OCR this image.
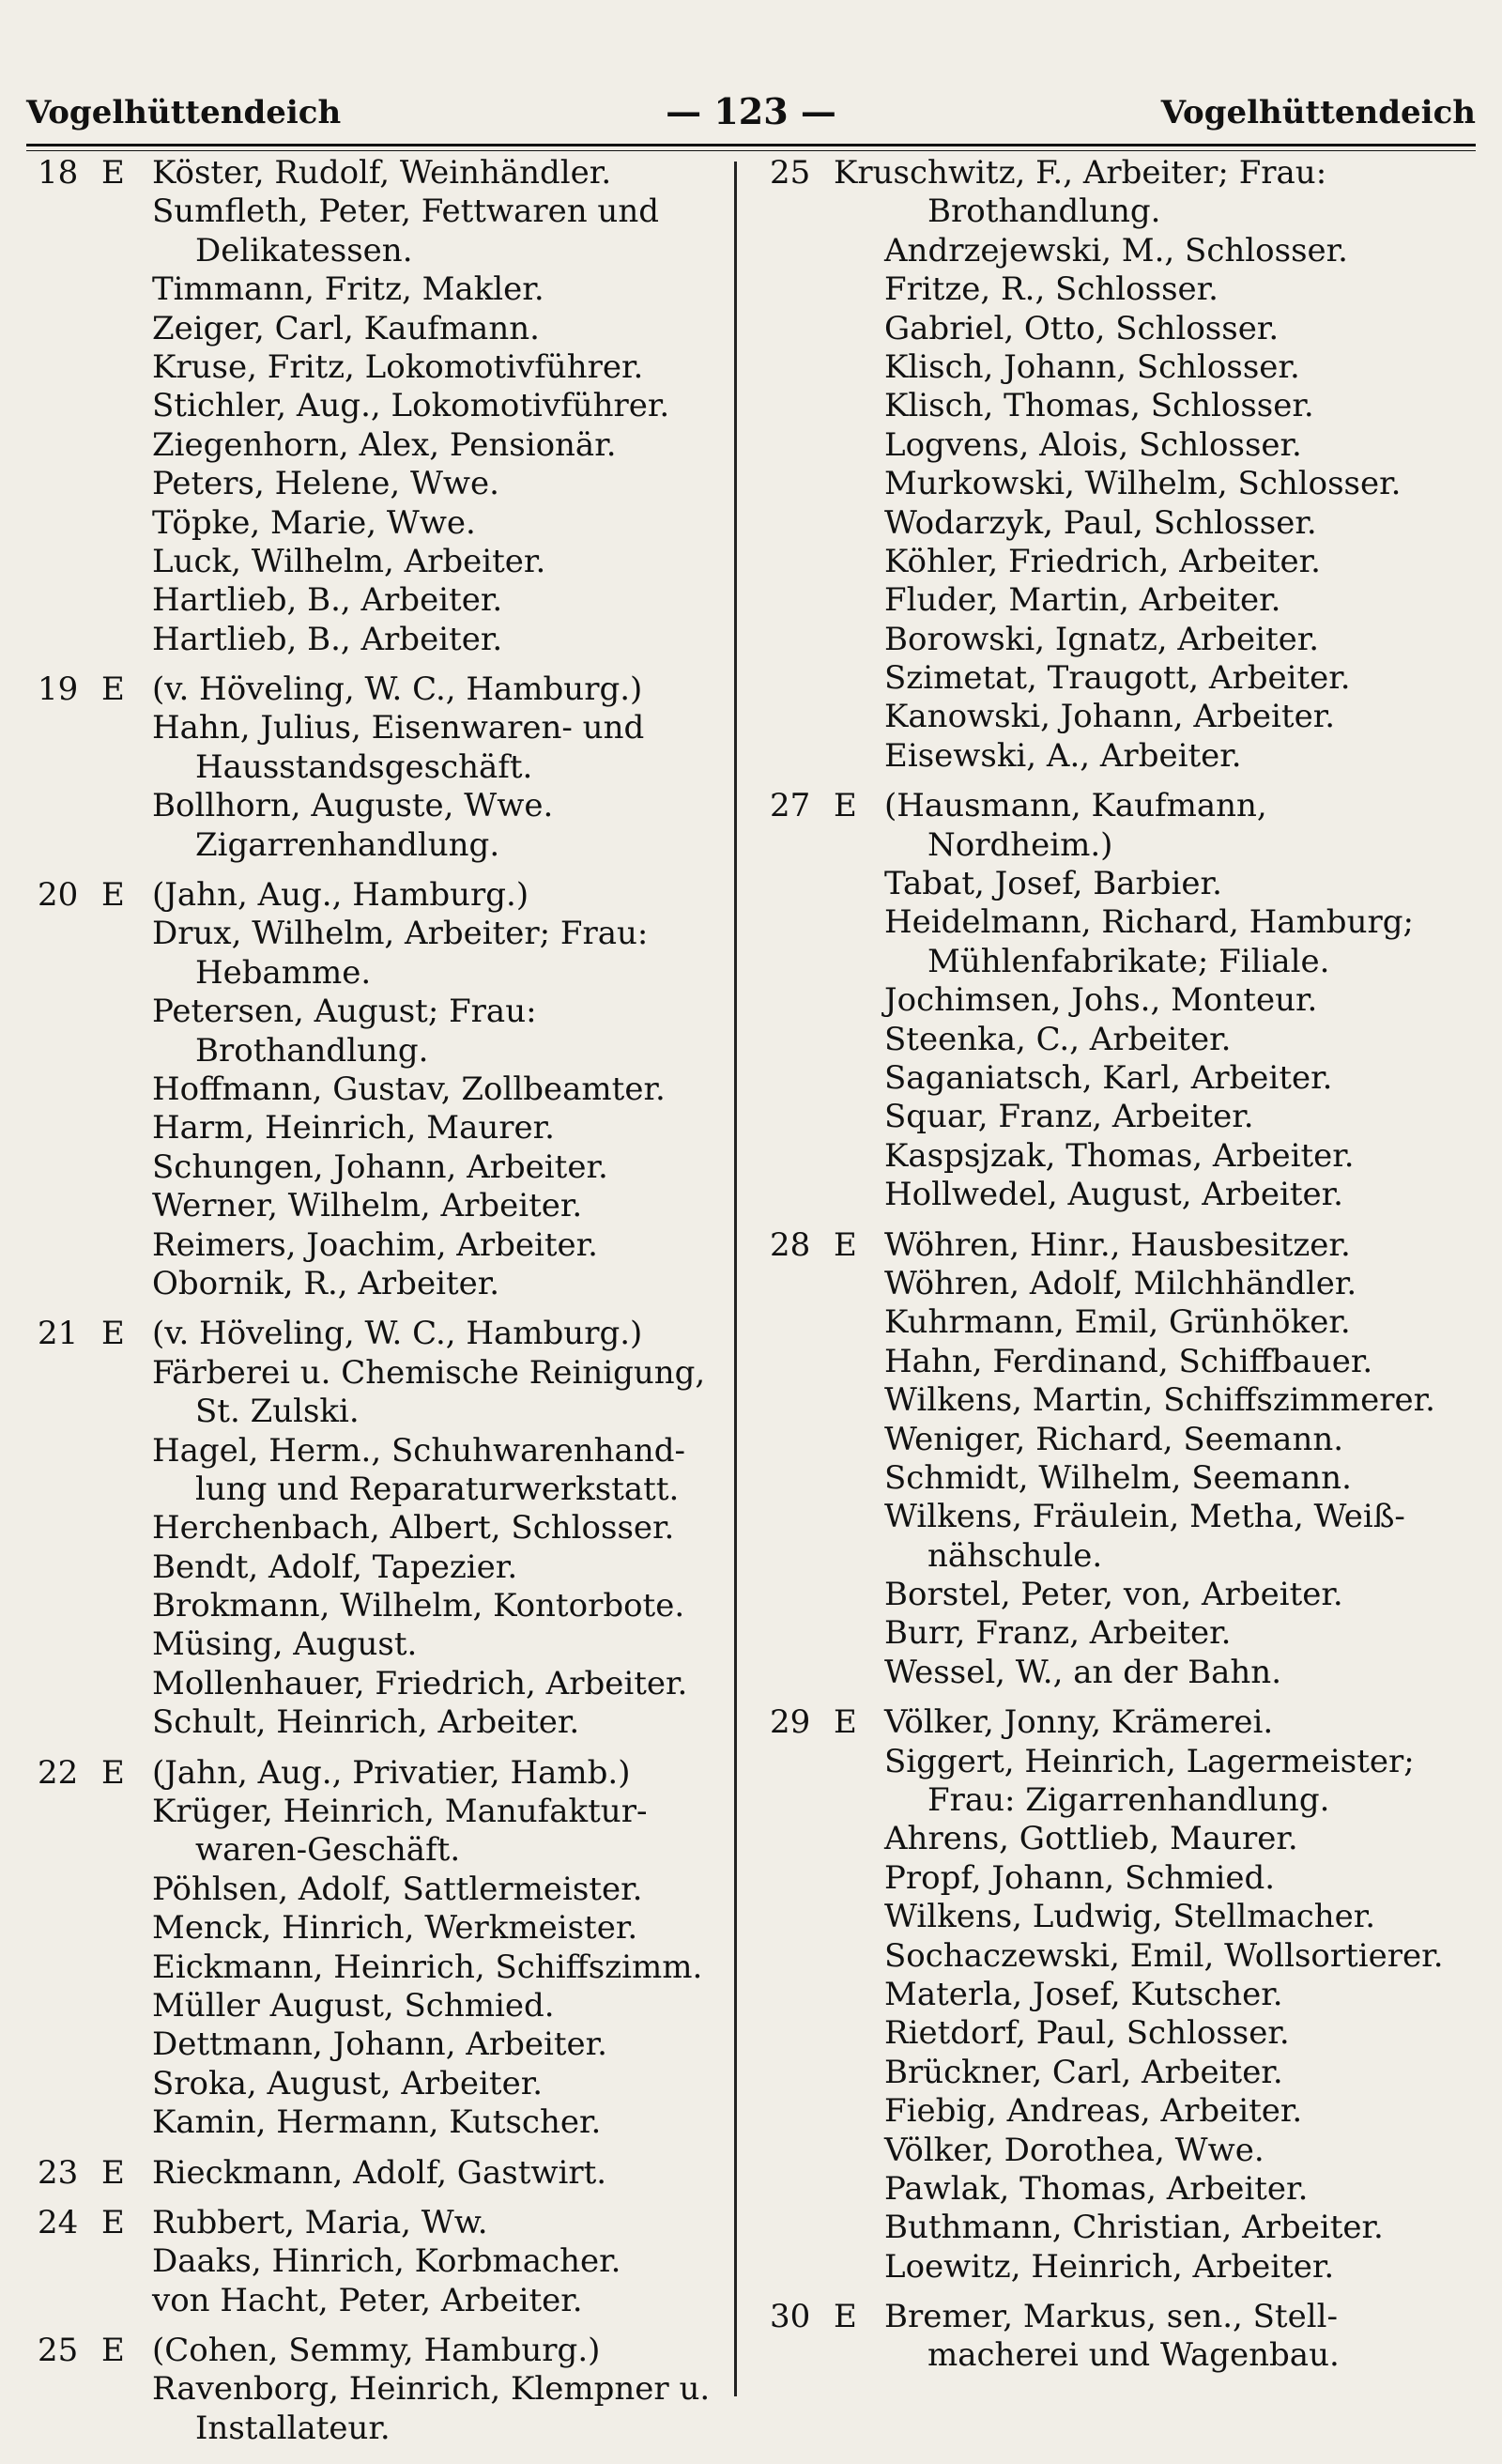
Vogelhüttendeich	— 123 —	Vogelhüttendeich
18 E Köster, Rudolf, Weinhändler.
Sumfleth, Peter, Fettwaren und
Delikatessen.
Timmann, Fritz, Makler.
Zeiger, Carl, Kaufmann.
Kruse, Fritz, Lokomotivführer.
Stichler, Aug., Lokomotivführer.
Ziegenhorn, Alex, Pensionär.
Peters, Helene, Wwe.
Töpke, Marie, Wwe.
Luck, Wilhelm, Arbeiter.
Hartlieb, B., Arbeiter.
Hartlieb, B., Arbeiter.
19 E (v. Höveling, W. C., Hamburg.)
Hahn, Julius, Eisenwaren- und
Hausstandsgeschäft.
Bollhorn, Auguste, Wwe.
Zigarrenhandlung.
20 E (Jahn, Aug., Hamburg.)
Drux, Wilhelm, Arbeiter; Frau:
Hebamme.
Petersen, August; Frau:
Brothandlung.
Hoffmann, Gustav, Zollbeamter.
Harm, Heinrich, Maurer.
Schungen, Johann, Arbeiter.
Werner, Wilhelm, Arbeiter.
Reimers, Joachim, Arbeiter.
Obornik, R., Arbeiter.
21 E (v. Höveling, W. C., Hamburg.)
Färberei u. Chemische Reinigung,
St. Zulski.
Hagel, Herm., Schuhwarenhand-
lung und Reparaturwerkstatt.
Herchenbach, Albert, Schlosser.
Bendt, Adolf, Tapezier.
Brokmann, Wilhelm, Kontorbote.
Müsing, August.
Mollenhauer, Friedrich, Arbeiter.
Schult, Heinrich, Arbeiter.
22 E (Jahn, Aug., Privatier, Hamb.)
Krüger, Heinrich, Manufaktur-
waren-Geschäft.
Pöhlsen, Adolf, Sattlermeister.
Menck, Hinrich, Werkmeister.
Eickmann, Heinrich, Schiffszimm.
Müller August, Schmied.
Dettmann, Johann, Arbeiter.
Sroka, August, Arbeiter.
Kamin, Hermann, Kutscher.
23 E Rieckmann, Adolf, Gastwirt.
24 E Rubbert, Maria, Ww.
Daaks, Hinrich, Korbmacher.
von Hacht, Peter, Arbeiter.
25 E (Cohen, Semmy, Hamburg.)
Ravenborg, Heinrich, Klempner u.
Installateur.
25 Kruschwitz, F., Arbeiter; Frau:
Brothandlung.
Andrzejewski, M., Schlosser.
Fritze, R., Schlosser.
Gabriel, Otto, Schlosser.
Klisch, Johann, Schlosser.
Klisch, Thomas, Schlosser.
Logvens, Alois, Schlosser.
Murkowski, Wilhelm, Schlosser.
Wodarzyk, Paul, Schlosser.
Köhler, Friedrich, Arbeiter.
Fluder, Martin, Arbeiter.
Borowski, Ignatz, Arbeiter.
Szimetat, Traugott, Arbeiter.
Kanowski, Johann, Arbeiter.
Eisewski, A., Arbeiter.
27 E (Hausmann, Kaufmann,
Nordheim.)
Tabat, Josef, Barbier.
Heidelmann, Richard, Hamburg;
Mühlenfabrikate; Filiale.
Jochimsen, Johs., Monteur.
Steenka, C., Arbeiter.
Saganiatsch, Karl, Arbeiter.
Squar, Franz, Arbeiter.
Kaspsjzak, Thomas, Arbeiter.
Hollwedel, August, Arbeiter.
28 E Wöhren, Hinr., Hausbesitzer.
Wöhren, Adolf, Milchhändler.
Kuhrmann, Emil, Grünhöker.
Hahn, Ferdinand, Schiffbauer.
Wilkens, Martin, Schiffszimmerer.
Weniger, Richard, Seemann.
Schmidt, Wilhelm, Seemann.
Wilkens, Fräulein, Metha, Weiß-
nähschule.
Borstel, Peter, von, Arbeiter.
Burr, Franz, Arbeiter.
Wessel, W., an der Bahn.
29 E Völker, Jonny, Krämerei.
Siggert, Heinrich, Lagermeister;
Frau: Zigarrenhandlung.
Ahrens, Gottlieb, Maurer.
Propf, Johann, Schmied.
Wilkens, Ludwig, Stellmacher.
Sochaczewski, Emil, Wollsortierer.
Materla, Josef, Kutscher.
Rietdorf, Paul, Schlosser.
Brückner, Carl, Arbeiter.
Fiebig, Andreas, Arbeiter.
Völker, Dorothea, Wwe.
Pawlak, Thomas, Arbeiter.
Buthmann, Christian, Arbeiter.
Loewitz, Heinrich, Arbeiter.
30 E Bremer, Markus, sen., Stell-
macherei und Wagenbau.
